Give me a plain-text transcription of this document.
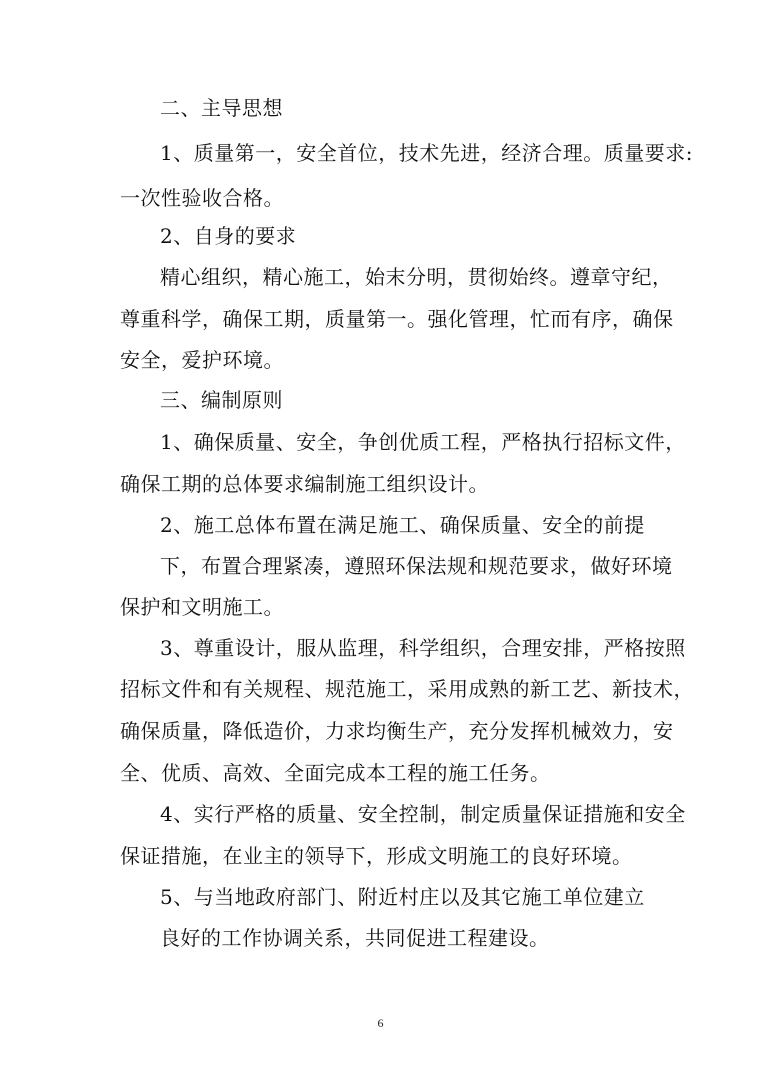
二、主导思想
1、质量第一，安全首位，技术先进，经济合理。质量要求:
一次性验收合格。
2、自身的要求
精心组织，精心施工，始末分明，贯彻始终。遵章守纪，
尊重科学，确保工期，质量第一。强化管理，忙而有序，确保
安全，爱护环境。
三、编制原则
1、确保质量、安全，争创优质工程，严格执行招标文件，
确保工期的总体要求编制施工组织设计。
2、施工总体布置在满足施工、确保质量、安全的前提
下，布置合理紧凑，遵照环保法规和规范要求，做好环境
保护和文明施工。
3、尊重设计，服从监理，科学组织，合理安排，严格按照
招标文件和有关规程、规范施工，采用成熟的新工艺、新技术，
确保质量，降低造价，力求均衡生产，充分发挥机械效力，安
全、优质、高效、全面完成本工程的施工任务。
4、实行严格的质量、安全控制，制定质量保证措施和安全
保证措施，在业主的领导下，形成文明施工的良好环境。
5、与当地政府部门、附近村庄以及其它施工单位建立
良好的工作协调关系，共同促进工程建设。
6
